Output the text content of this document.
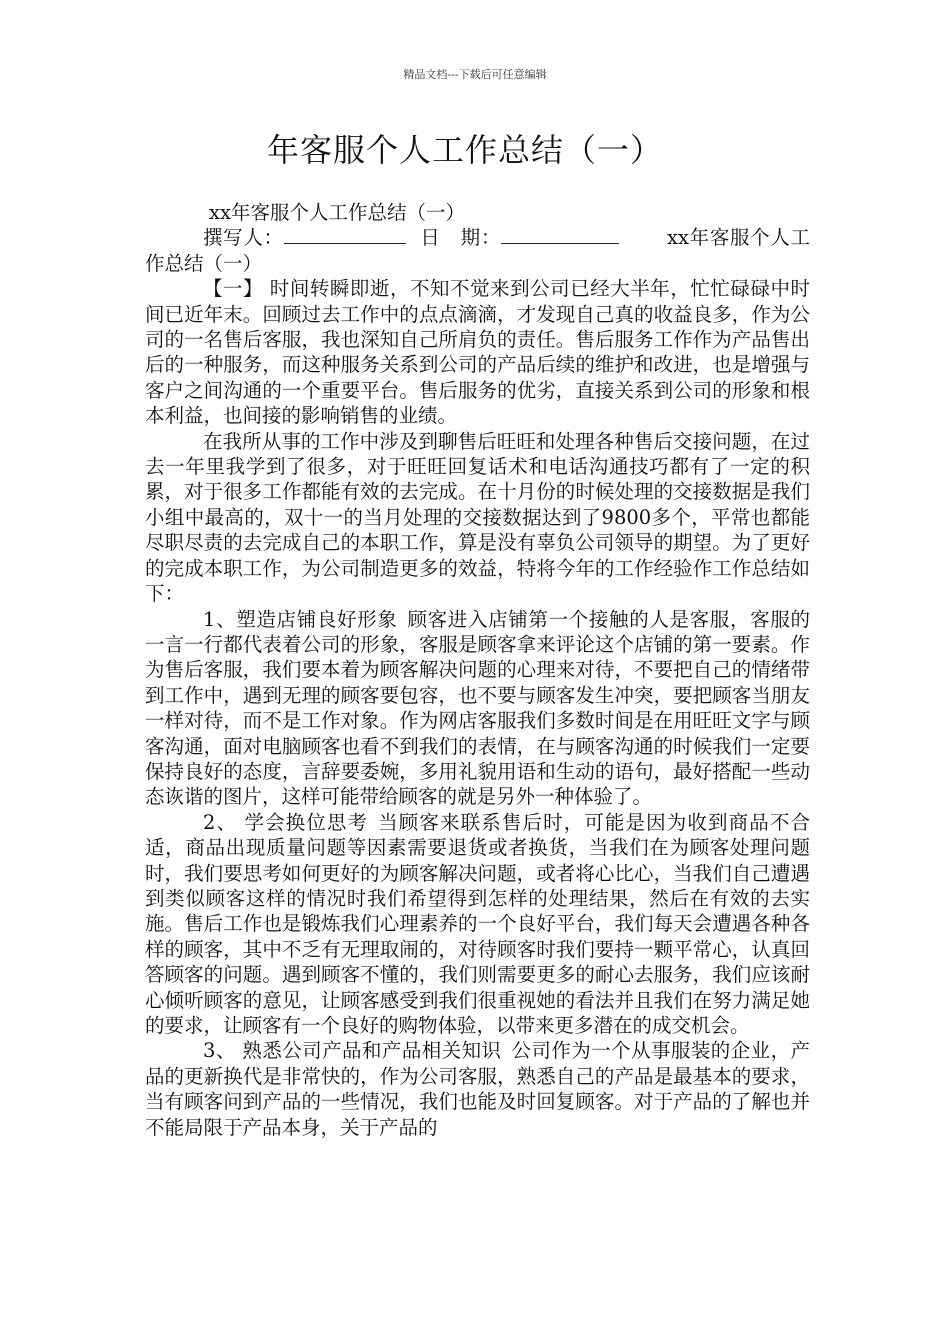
精品文档---下载后可任意编辑
年客服个人工作总结（一）

xx年客服个人工作总结（一）

撰写人：	日　期：	xx年客服个人工作总结（一）

【一】 时间转瞬即逝，不知不觉来到公司已经大半年，忙忙碌碌中时间已近年末。回顾过去工作中的点点滴滴，才发现自己真的收益良多，作为公司的一名售后客服，我也深知自己所肩负的责任。售后服务工作作为产品售出后的一种服务，而这种服务关系到公司的产品后续的维护和改进，也是增强与客户之间沟通的一个重要平台。售后服务的优劣，直接关系到公司的形象和根本利益，也间接的影响销售的业绩。

在我所从事的工作中涉及到聊售后旺旺和处理各种售后交接问题，在过去一年里我学到了很多，对于旺旺回复话术和电话沟通技巧都有了一定的积累，对于很多工作都能有效的去完成。在十月份的时候处理的交接数据是我们小组中最高的，双十一的当月处理的交接数据达到了9800多个，平常也都能尽职尽责的去完成自己的本职工作，算是没有辜负公司领导的期望。为了更好的完成本职工作，为公司制造更多的效益，特将今年的工作经验作工作总结如下：

1、塑造店铺良好形象 顾客进入店铺第一个接触的人是客服，客服的一言一行都代表着公司的形象，客服是顾客拿来评论这个店铺的第一要素。作为售后客服，我们要本着为顾客解决问题的心理来对待，不要把自己的情绪带到工作中，遇到无理的顾客要包容，也不要与顾客发生冲突，要把顾客当朋友一样对待，而不是工作对象。作为网店客服我们多数时间是在用旺旺文字与顾客沟通，面对电脑顾客也看不到我们的表情，在与顾客沟通的时候我们一定要保持良好的态度，言辞要委婉，多用礼貌用语和生动的语句，最好搭配一些动态诙谐的图片，这样可能带给顾客的就是另外一种体验了。

2、 学会换位思考 当顾客来联系售后时，可能是因为收到商品不合适，商品出现质量问题等因素需要退货或者换货，当我们在为顾客处理问题时，我们要思考如何更好的为顾客解决问题，或者将心比心，当我们自己遭遇到类似顾客这样的情况时我们希望得到怎样的处理结果，然后在有效的去实施。售后工作也是锻炼我们心理素养的一个良好平台，我们每天会遭遇各种各样的顾客，其中不乏有无理取闹的，对待顾客时我们要持一颗平常心，认真回答顾客的问题。遇到顾客不懂的，我们则需要更多的耐心去服务，我们应该耐心倾听顾客的意见，让顾客感受到我们很重视她的看法并且我们在努力满足她的要求，让顾客有一个良好的购物体验，以带来更多潜在的成交机会。

3、 熟悉公司产品和产品相关知识 公司作为一个从事服装的企业，产品的更新换代是非常快的，作为公司客服，熟悉自己的产品是最基本的要求，当有顾客问到产品的一些情况，我们也能及时回复顾客。对于产品的了解也并不能局限于产品本身，关于产品的
